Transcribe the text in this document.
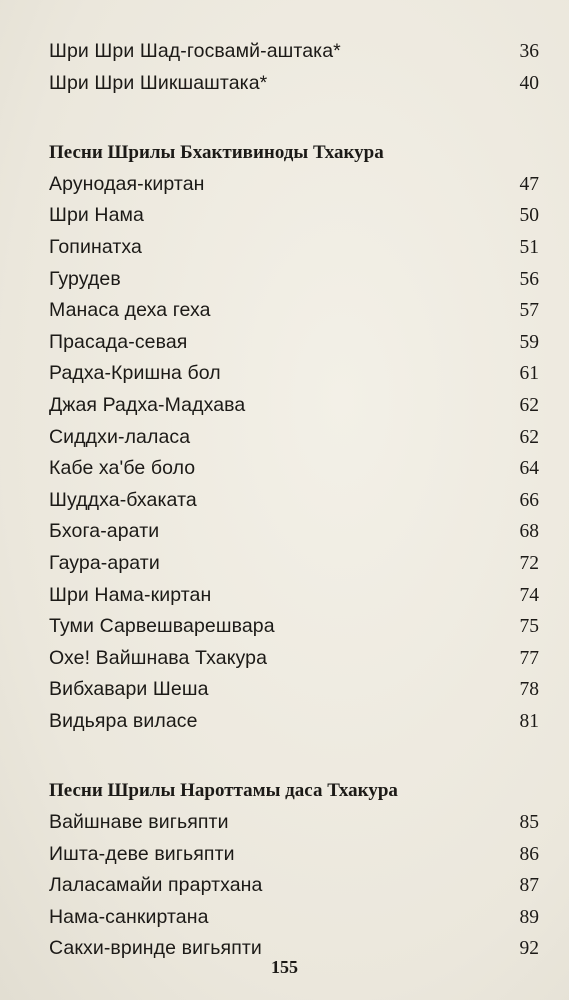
Шри Шри Шад-госвамй-аштака*	36
Шри Шри Шикшаштака*	40
Песни Шрилы Бхактивиноды Тхакура
Арунодая-киртан	47
Шри Нама	50
Гопинатха	51
Гурудев	56
Манаса деха геха	57
Прасада-севая	59
Радха-Кришна бол	61
Джая Радха-Мадхава	62
Сиддхи-лаласа	62
Кабе ха'бе боло	64
Шуддха-бхаката	66
Бхога-арати	68
Гаура-арати	72
Шри Нама-киртан	74
Туми Сарвешварешвара	75
Охе! Вайшнава Тхакура	77
Вибхавари Шеша	78
Видьяра виласе	81
Песни Шрилы Нароттамы даса Тхакура
Вайшнаве вигьяпти	85
Ишта-деве вигьяпти	86
Лаласамайи прартхана	87
Нама-санкиртана	89
Сакхи-вринде вигьяпти	92
155
